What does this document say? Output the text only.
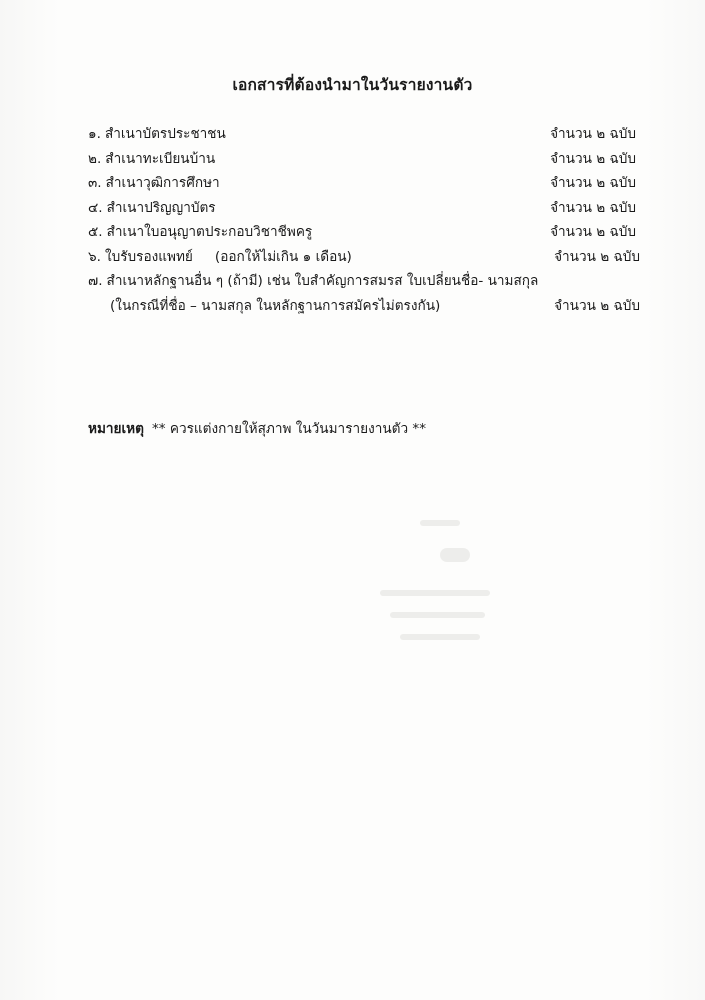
เอกสารที่ต้องนำมาในวันรายงานตัว
๑. สำเนาบัตรประชาชน	จำนวน ๒ ฉบับ
๒. สำเนาทะเบียนบ้าน	จำนวน ๒ ฉบับ
๓. สำเนาวุฒิการศึกษา	จำนวน ๒ ฉบับ
๔. สำเนาปริญญาบัตร	จำนวน ๒ ฉบับ
๕. สำเนาใบอนุญาตประกอบวิชาชีพครู	จำนวน ๒ ฉบับ
๖. ใบรับรองแพทย์ (ออกให้ไม่เกิน ๑ เดือน)	จำนวน ๒ ฉบับ
๗. สำเนาหลักฐานอื่น ๆ (ถ้ามี) เช่น ใบสำคัญการสมรส ใบเปลี่ยนชื่อ- นามสกุล
(ในกรณีที่ชื่อ – นามสกุล ในหลักฐานการสมัครไม่ตรงกัน)	จำนวน ๒ ฉบับ
หมายเหตุ ** ควรแต่งกายให้สุภาพ ในวันมารายงานตัว **
